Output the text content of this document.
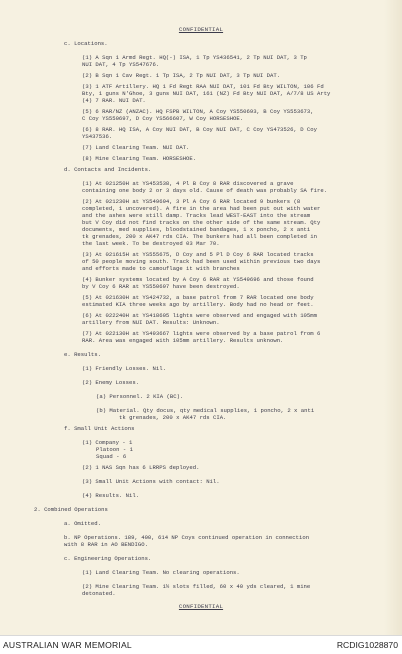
CONFIDENTIAL
c. Locations.
(1) A Sqn 1 Armd Regt. HQ(-) ISA, 1 Tp YS436541, 2 Tp NUI DAT, 3 Tp
NUI DAT, 4 Tp YS547676.
(2) B Sqn 1 Cav Regt. 1 Tp ISA, 2 Tp NUI DAT, 3 Tp NUI DAT.
(3) 1 ATF Artillery. HQ 1 Fd Regt RAA NUI DAT, 101 Fd Bty WILTON, 106 Fd
Bty, 1 guns N'Ghoe, 3 guns NUI DAT, 161 (NZ) Fd Bty NUI DAT, A/7/8 US Arty
(4) 7 RAR. NUI DAT.
(5) 6 RAR/NZ (ANZAC). HQ FSPB WILTON, A Coy YS550693, B Coy YS553673,
C Coy YS550697, D Coy YS566607, W Coy HORSESHOE.
(6) 8 RAR. HQ ISA, A Coy NUI DAT, B Coy NUI DAT, C Coy YS473526, D Coy
YS437536.
(7) Land Clearing Team. NUI DAT.
(8) Mine Clearing Team. HORSESHOE.
d. Contacts and Incidents.
(1) At 021250H at YS453538, 4 Pl B Coy 8 RAR discovered a grave
containing one body 2 or 3 days old. Cause of death was probably SA fire.
(2) At 021230H at YS549694, 3 Pl A Coy 6 RAR located 9 bunkers (8
completed, 1 uncovered). A fire in the area had been put out with water
and the ashes were still damp. Tracks lead WEST-EAST into the stream
but V Coy did not find tracks on the other side of the same stream. Qty
documents, med supplies, bloodstained bandages, 1 x poncho, 2 x anti
tk grenades, 200 x AK47 rds CIA. The bunkers had all been completed in
the last week. To be destroyed 03 Mar 70.
(3) At 021615H at YS555675, D Coy and 5 Pl D Coy 6 RAR located tracks
of 50 people moving south. Track had been used within previous two days
and efforts made to camouflage it with branches
(4) Bunker systems located by A Coy 6 RAR at YS549696 and those found
by V Coy 6 RAR at YS550697 have been destroyed.
(5) At 021630H at YS424732, a base patrol from 7 RAR located one body
estimated KIA three weeks ago by artillery. Body had no head or feet.
(6) At 022240H at YS418605 lights were observed and engaged with 105mm
artillery from NUI DAT. Results: Unknown.
(7) At 022130H at YS493667 lights were observed by a base patrol from 6
RAR. Area was engaged with 105mm artillery. Results unknown.
e. Results.
(1) Friendly Losses. Nil.
(2) Enemy Losses.
(a) Personnel. 2 KIA (BC).
(b) Material. Qty docus, qty medical supplies, 1 poncho, 2 x anti
tk grenades, 200 x AK47 rds CIA.
f. Small Unit Actions
(1) Company - 1
Platoon - 1
Squad - 6
(2) 1 NAS Sqn has 6 LRRPS deployed.
(3) Small Unit Actions with contact: Nil.
(4) Results. Nil.
2. Combined Operations
a. Omitted.
b. NP Operations. 189, 400, 614 NP Coys continued operation in connection
with 8 RAR in AO BENDIGO.
c. Engineering Operations.
(1) Land Clearing Team. No clearing operations.
(2) Mine Clearing Team. 1½ slots filled, 60 x 40 yds cleared, 1 mine
detonated.
CONFIDENTIAL
AUSTRALIAN WAR MEMORIAL	RCDIG1028870
